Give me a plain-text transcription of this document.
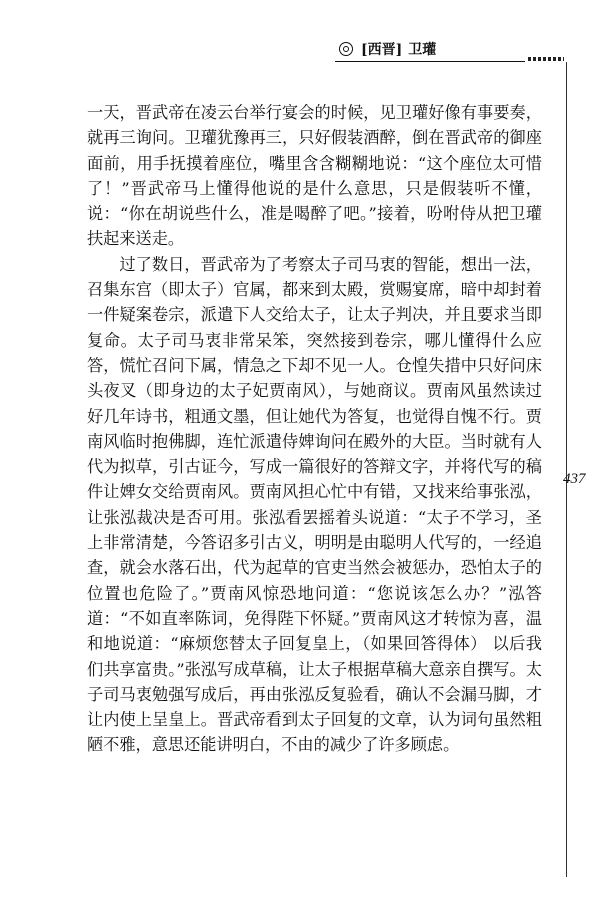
[西晋] 卫瓘

一天，晋武帝在凌云台举行宴会的时候，见卫瓘好像有事要奏，就再三询问。卫瓘犹豫再三，只好假装酒醉，倒在晋武帝的御座面前，用手抚摸着座位，嘴里含含糊糊地说：“这个座位太可惜了！”晋武帝马上懂得他说的是什么意思，只是假装听不懂，说：“你在胡说些什么，准是喝醉了吧。”接着，吩咐侍从把卫瓘扶起来送走。

过了数日，晋武帝为了考察太子司马衷的智能，想出一法，召集东宫（即太子）官属，都来到太殿，赏赐宴席，暗中却封着一件疑案卷宗，派遣下人交给太子，让太子判决，并且要求当即复命。太子司马衷非常呆笨，突然接到卷宗，哪儿懂得什么应答，慌忙召问下属，情急之下却不见一人。仓惶失措中只好问床头夜叉（即身边的太子妃贾南风），与她商议。贾南风虽然读过好几年诗书，粗通文墨，但让她代为答复，也觉得自愧不行。贾南风临时抱佛脚，连忙派遣侍婢询问在殿外的大臣。当时就有人代为拟草，引古证今，写成一篇很好的答辩文字，并将代写的稿件让婢女交给贾南风。贾南风担心忙中有错，又找来给事张泓，让张泓裁决是否可用。张泓看罢摇着头说道：“太子不学习，圣上非常清楚，今答诏多引古义，明明是由聪明人代写的，一经追查，就会水落石出，代为起草的官吏当然会被惩办，恐怕太子的位置也危险了。”贾南风惊恐地问道：“您说该怎么办？”泓答道：“不如直率陈词，免得陛下怀疑。”贾南风这才转惊为喜，温和地说道：“麻烦您替太子回复皇上，（如果回答得体） 以后我们共享富贵。”张泓写成草稿，让太子根据草稿大意亲自撰写。太子司马衷勉强写成后，再由张泓反复验看，确认不会漏马脚，才让内使上呈皇上。晋武帝看到太子回复的文章，认为词句虽然粗陋不雅，意思还能讲明白，不由的减少了许多顾虑。

437
